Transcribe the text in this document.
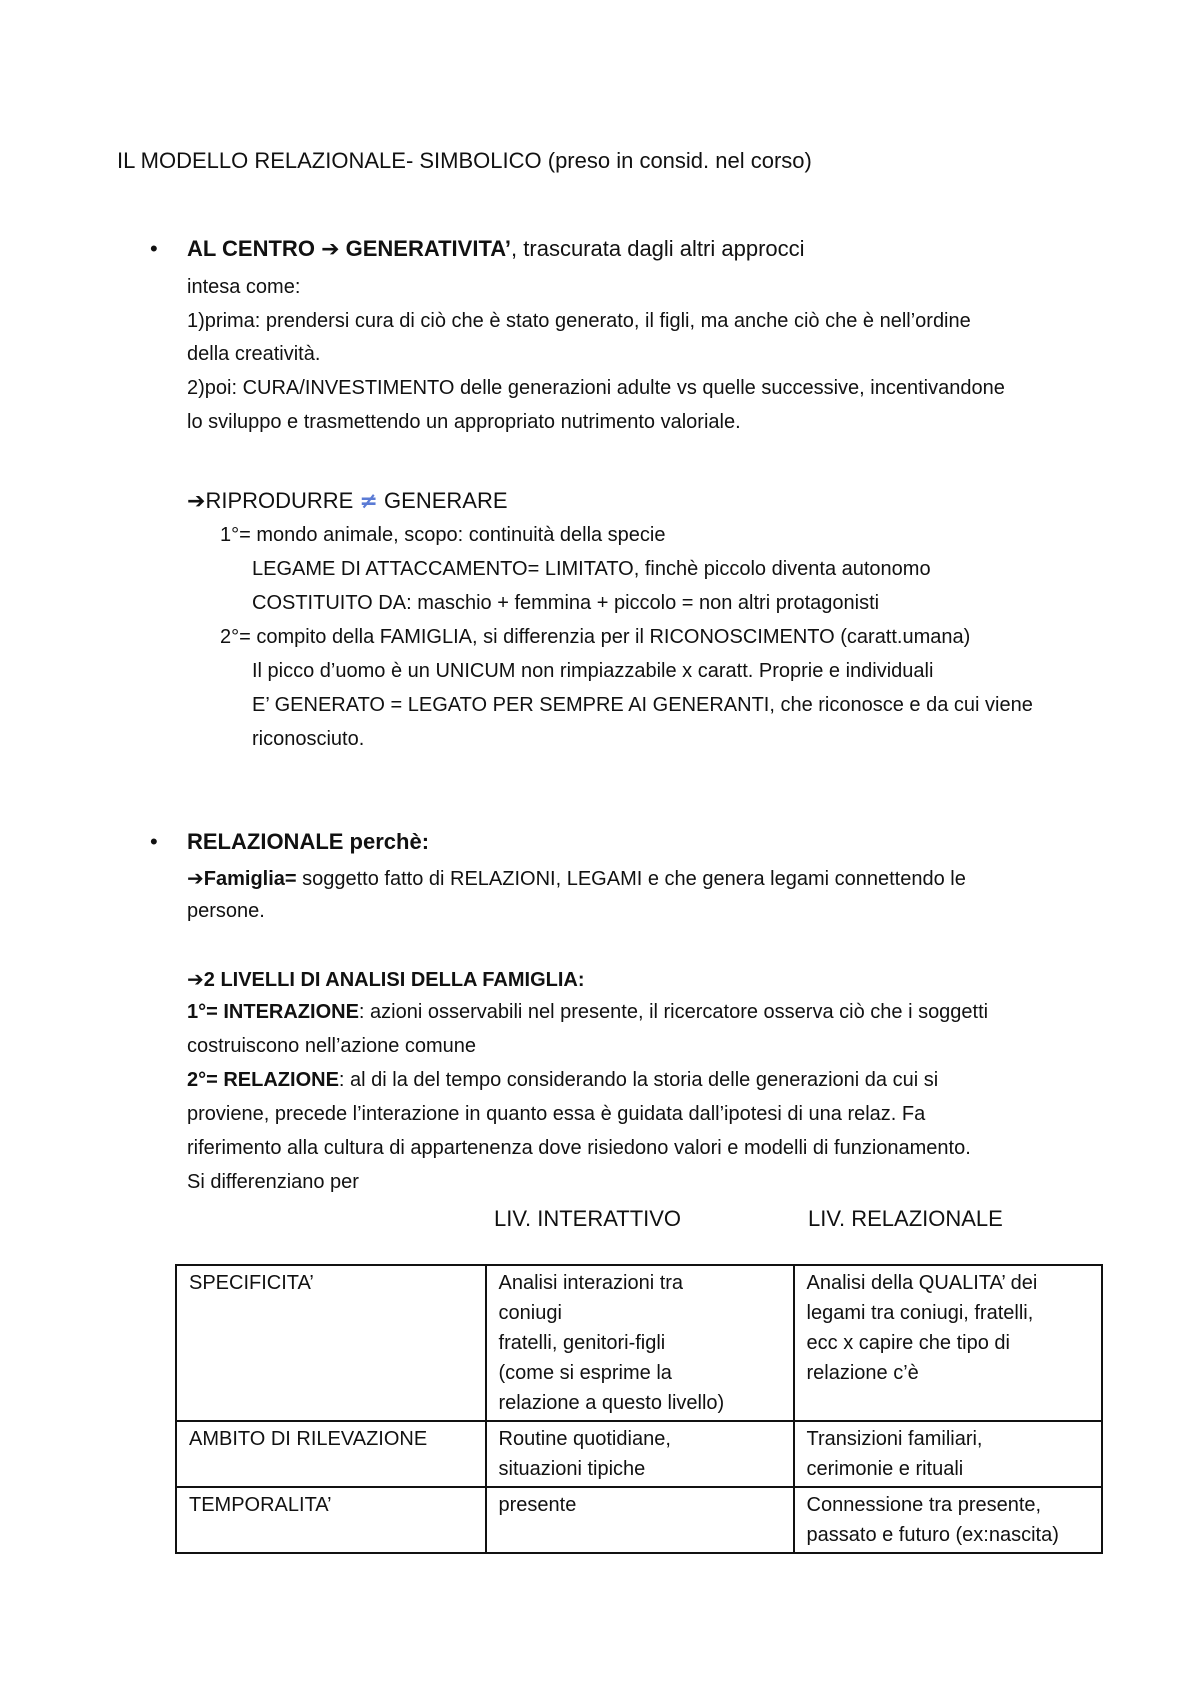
IL MODELLO RELAZIONALE- SIMBOLICO (preso in consid. nel corso)
• AL CENTRO ➔ GENERATIVITA’, trascurata dagli altri approcci
intesa come:
1)prima: prendersi cura di ciò che è stato generato, il figli, ma anche ciò che è nell’ordine
della creatività.
2)poi: CURA/INVESTIMENTO delle generazioni adulte vs quelle successive, incentivandone
lo sviluppo e trasmettendo un appropriato nutrimento valoriale.
➔RIPRODURRE ≠ GENERARE
1°= mondo animale, scopo: continuità della specie
LEGAME DI ATTACCAMENTO= LIMITATO, finchè piccolo diventa autonomo
COSTITUITO DA: maschio + femmina + piccolo = non altri protagonisti
2°= compito della FAMIGLIA, si differenzia per il RICONOSCIMENTO (caratt.umana)
Il picco d’uomo è un UNICUM non rimpiazzabile x caratt. Proprie e individuali
E’ GENERATO = LEGATO PER SEMPRE AI GENERANTI, che riconosce e da cui viene
riconosciuto.
• RELAZIONALE perchè:
➔Famiglia= soggetto fatto di RELAZIONI, LEGAMI e che genera legami connettendo le
persone.
➔2 LIVELLI DI ANALISI DELLA FAMIGLIA:
1°= INTERAZIONE: azioni osservabili nel presente, il ricercatore osserva ciò che i soggetti
costruiscono nell’azione comune
2°= RELAZIONE: al di la del tempo considerando la storia delle generazioni da cui si
proviene, precede l’interazione in quanto essa è guidata dall’ipotesi di una relaz. Fa
riferimento alla cultura di appartenenza dove risiedono valori e modelli di funzionamento.
Si differenziano per
LIV. INTERATTIVO	LIV. RELAZIONALE
SPECIFICITA’	Analisi interazioni tra
coniugi
fratelli, genitori-figli
(come si esprime la
relazione a questo livello)	Analisi della QUALITA’ dei
legami tra coniugi, fratelli,
ecc x capire che tipo di
relazione c’è

AMBITO DI RILEVAZIONE	Routine quotidiane,
situazioni tipiche	Transizioni familiari,
cerimonie e rituali

TEMPORALITA’	presente	Connessione tra presente,
passato e futuro (ex:nascita)
